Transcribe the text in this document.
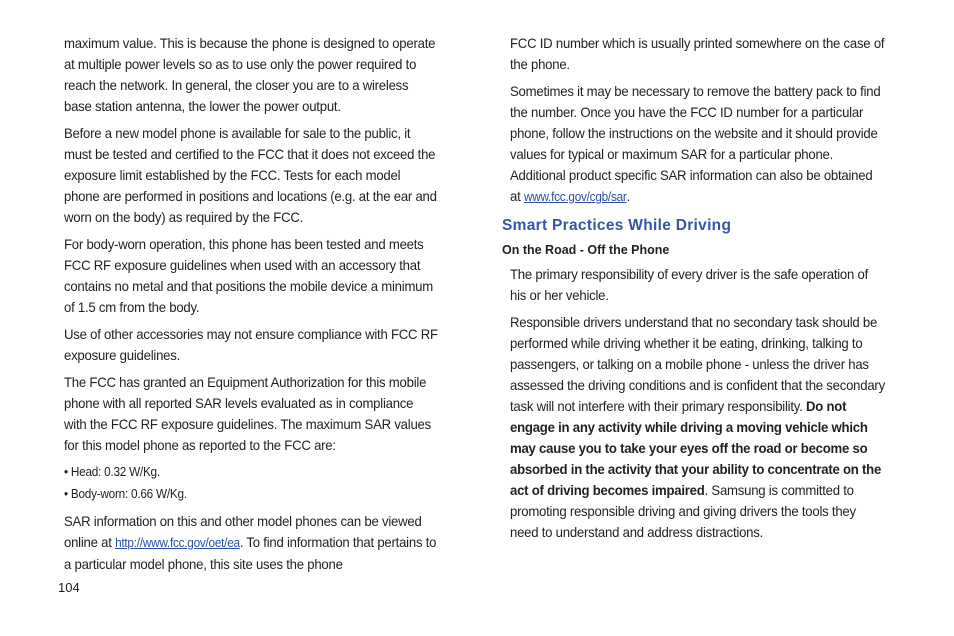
maximum value. This is because the phone is designed to operate at multiple power levels so as to use only the power required to reach the network. In general, the closer you are to a wireless base station antenna, the lower the power output.

Before a new model phone is available for sale to the public, it must be tested and certified to the FCC that it does not exceed the exposure limit established by the FCC. Tests for each model phone are performed in positions and locations (e.g. at the ear and worn on the body) as required by the FCC.

For body-worn operation, this phone has been tested and meets FCC RF exposure guidelines when used with an accessory that contains no metal and that positions the mobile device a minimum of 1.5 cm from the body.

Use of other accessories may not ensure compliance with FCC RF exposure guidelines.

The FCC has granted an Equipment Authorization for this mobile phone with all reported SAR levels evaluated as in compliance with the FCC RF exposure guidelines. The maximum SAR values for this model phone as reported to the FCC are:

• Head: 0.32 W/Kg.
• Body-worn: 0.66 W/Kg.

SAR information on this and other model phones can be viewed online at http://www.fcc.gov/oet/ea. To find information that pertains to a particular model phone, this site uses the phone

FCC ID number which is usually printed somewhere on the case of the phone.

Sometimes it may be necessary to remove the battery pack to find the number. Once you have the FCC ID number for a particular phone, follow the instructions on the website and it should provide values for typical or maximum SAR for a particular phone. Additional product specific SAR information can also be obtained at www.fcc.gov/cgb/sar.

Smart Practices While Driving
On the Road - Off the Phone

The primary responsibility of every driver is the safe operation of his or her vehicle.

Responsible drivers understand that no secondary task should be performed while driving whether it be eating, drinking, talking to passengers, or talking on a mobile phone - unless the driver has assessed the driving conditions and is confident that the secondary task will not interfere with their primary responsibility. Do not engage in any activity while driving a moving vehicle which may cause you to take your eyes off the road or become so absorbed in the activity that your ability to concentrate on the act of driving becomes impaired. Samsung is committed to promoting responsible driving and giving drivers the tools they need to understand and address distractions.

104
